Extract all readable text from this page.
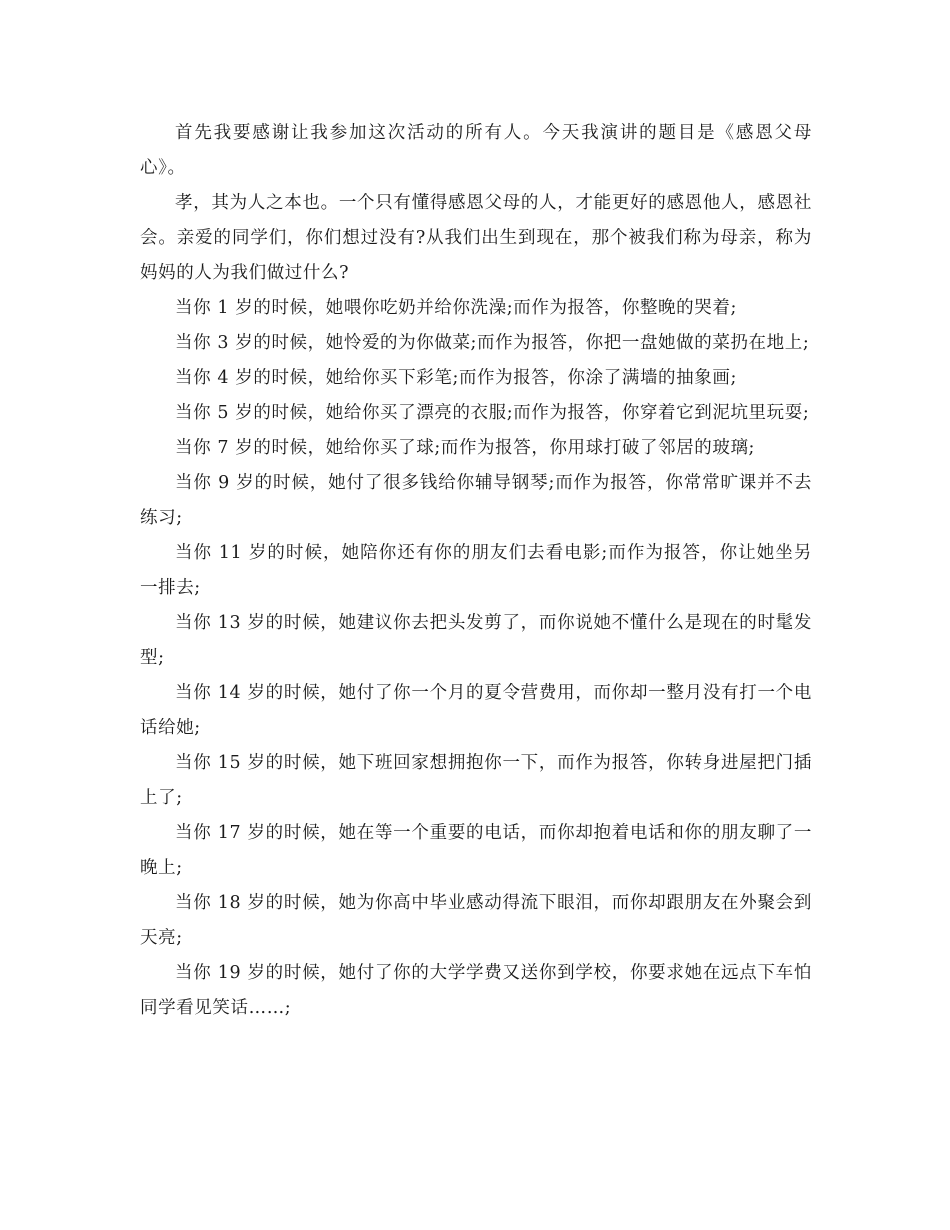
首先我要感谢让我参加这次活动的所有人。今天我演讲的题目是《感恩父母心》。

孝，其为人之本也。一个只有懂得感恩父母的人，才能更好的感恩他人，感恩社会。亲爱的同学们，你们想过没有?从我们出生到现在，那个被我们称为母亲，称为妈妈的人为我们做过什么?

当你 1 岁的时候，她喂你吃奶并给你洗澡;而作为报答，你整晚的哭着;

当你 3 岁的时候，她怜爱的为你做菜;而作为报答，你把一盘她做的菜扔在地上;

当你 4 岁的时候，她给你买下彩笔;而作为报答，你涂了满墙的抽象画;

当你 5 岁的时候，她给你买了漂亮的衣服;而作为报答，你穿着它到泥坑里玩耍;

当你 7 岁的时候，她给你买了球;而作为报答，你用球打破了邻居的玻璃;

当你 9 岁的时候，她付了很多钱给你辅导钢琴;而作为报答，你常常旷课并不去练习;

当你 11 岁的时候，她陪你还有你的朋友们去看电影;而作为报答，你让她坐另一排去;

当你 13 岁的时候，她建议你去把头发剪了，而你说她不懂什么是现在的时髦发型;

当你 14 岁的时候，她付了你一个月的夏令营费用，而你却一整月没有打一个电话给她;

当你 15 岁的时候，她下班回家想拥抱你一下，而作为报答，你转身进屋把门插上了;

当你 17 岁的时候，她在等一个重要的电话，而你却抱着电话和你的朋友聊了一晚上;

当你 18 岁的时候，她为你高中毕业感动得流下眼泪，而你却跟朋友在外聚会到天亮;

当你 19 岁的时候，她付了你的大学学费又送你到学校，你要求她在远点下车怕同学看见笑话……;
